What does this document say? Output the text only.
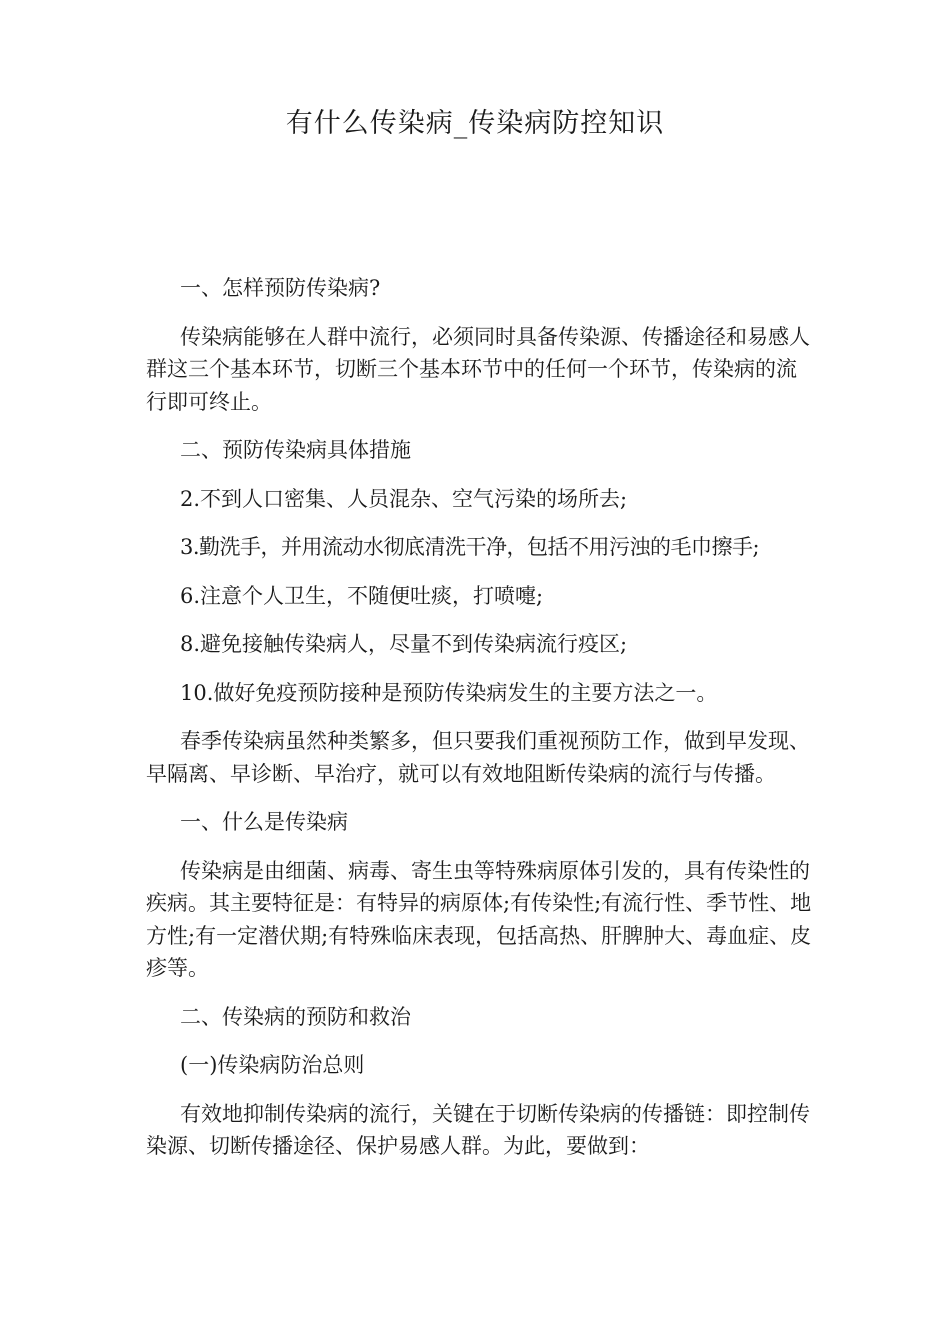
有什么传染病_传染病防控知识

一、怎样预防传染病?

传染病能够在人群中流行，必须同时具备传染源、传播途径和易感人群这三个基本环节，切断三个基本环节中的任何一个环节，传染病的流行即可终止。

二、预防传染病具体措施

2.不到人口密集、人员混杂、空气污染的场所去;

3.勤洗手，并用流动水彻底清洗干净，包括不用污浊的毛巾擦手;

6.注意个人卫生，不随便吐痰，打喷嚏;

8.避免接触传染病人，尽量不到传染病流行疫区;

10.做好免疫预防接种是预防传染病发生的主要方法之一。

春季传染病虽然种类繁多，但只要我们重视预防工作，做到早发现、早隔离、早诊断、早治疗，就可以有效地阻断传染病的流行与传播。

一、什么是传染病

传染病是由细菌、病毒、寄生虫等特殊病原体引发的，具有传染性的疾病。其主要特征是：有特异的病原体;有传染性;有流行性、季节性、地方性;有一定潜伏期;有特殊临床表现，包括高热、肝脾肿大、毒血症、皮疹等。

二、传染病的预防和救治

(一)传染病防治总则

有效地抑制传染病的流行，关键在于切断传染病的传播链：即控制传染源、切断传播途径、保护易感人群。为此，要做到：
